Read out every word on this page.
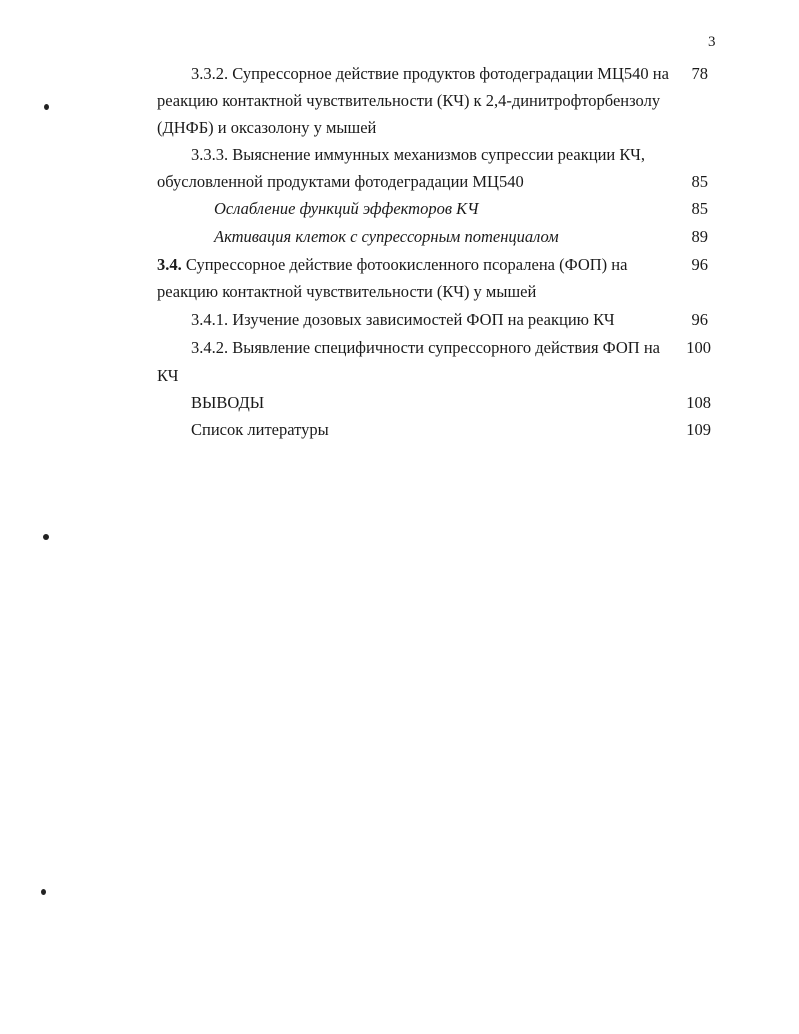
3
3.3.2. Супрессорное действие продуктов фотодеградации МЦ540 на	78
реакцию контактной чувствительности (КЧ) к 2,4-динитрофторбензолу
(ДНФБ) и оксазолону у мышей
3.3.3. Выяснение иммунных механизмов супрессии реакции КЧ,
обусловленной продуктами фотодеградации МЦ540	85
Ослабление функций эффекторов КЧ	85
Активация клеток с супрессорным потенциалом	89
3.4. Супрессорное действие фотоокисленного псоралена (ФОП) на	96
реакцию контактной чувствительности (КЧ) у мышей
3.4.1. Изучение дозовых зависимостей ФОП на реакцию КЧ	96
3.4.2. Выявление специфичности супрессорного действия ФОП на	100
КЧ
ВЫВОДЫ	108
Список литературы	109
